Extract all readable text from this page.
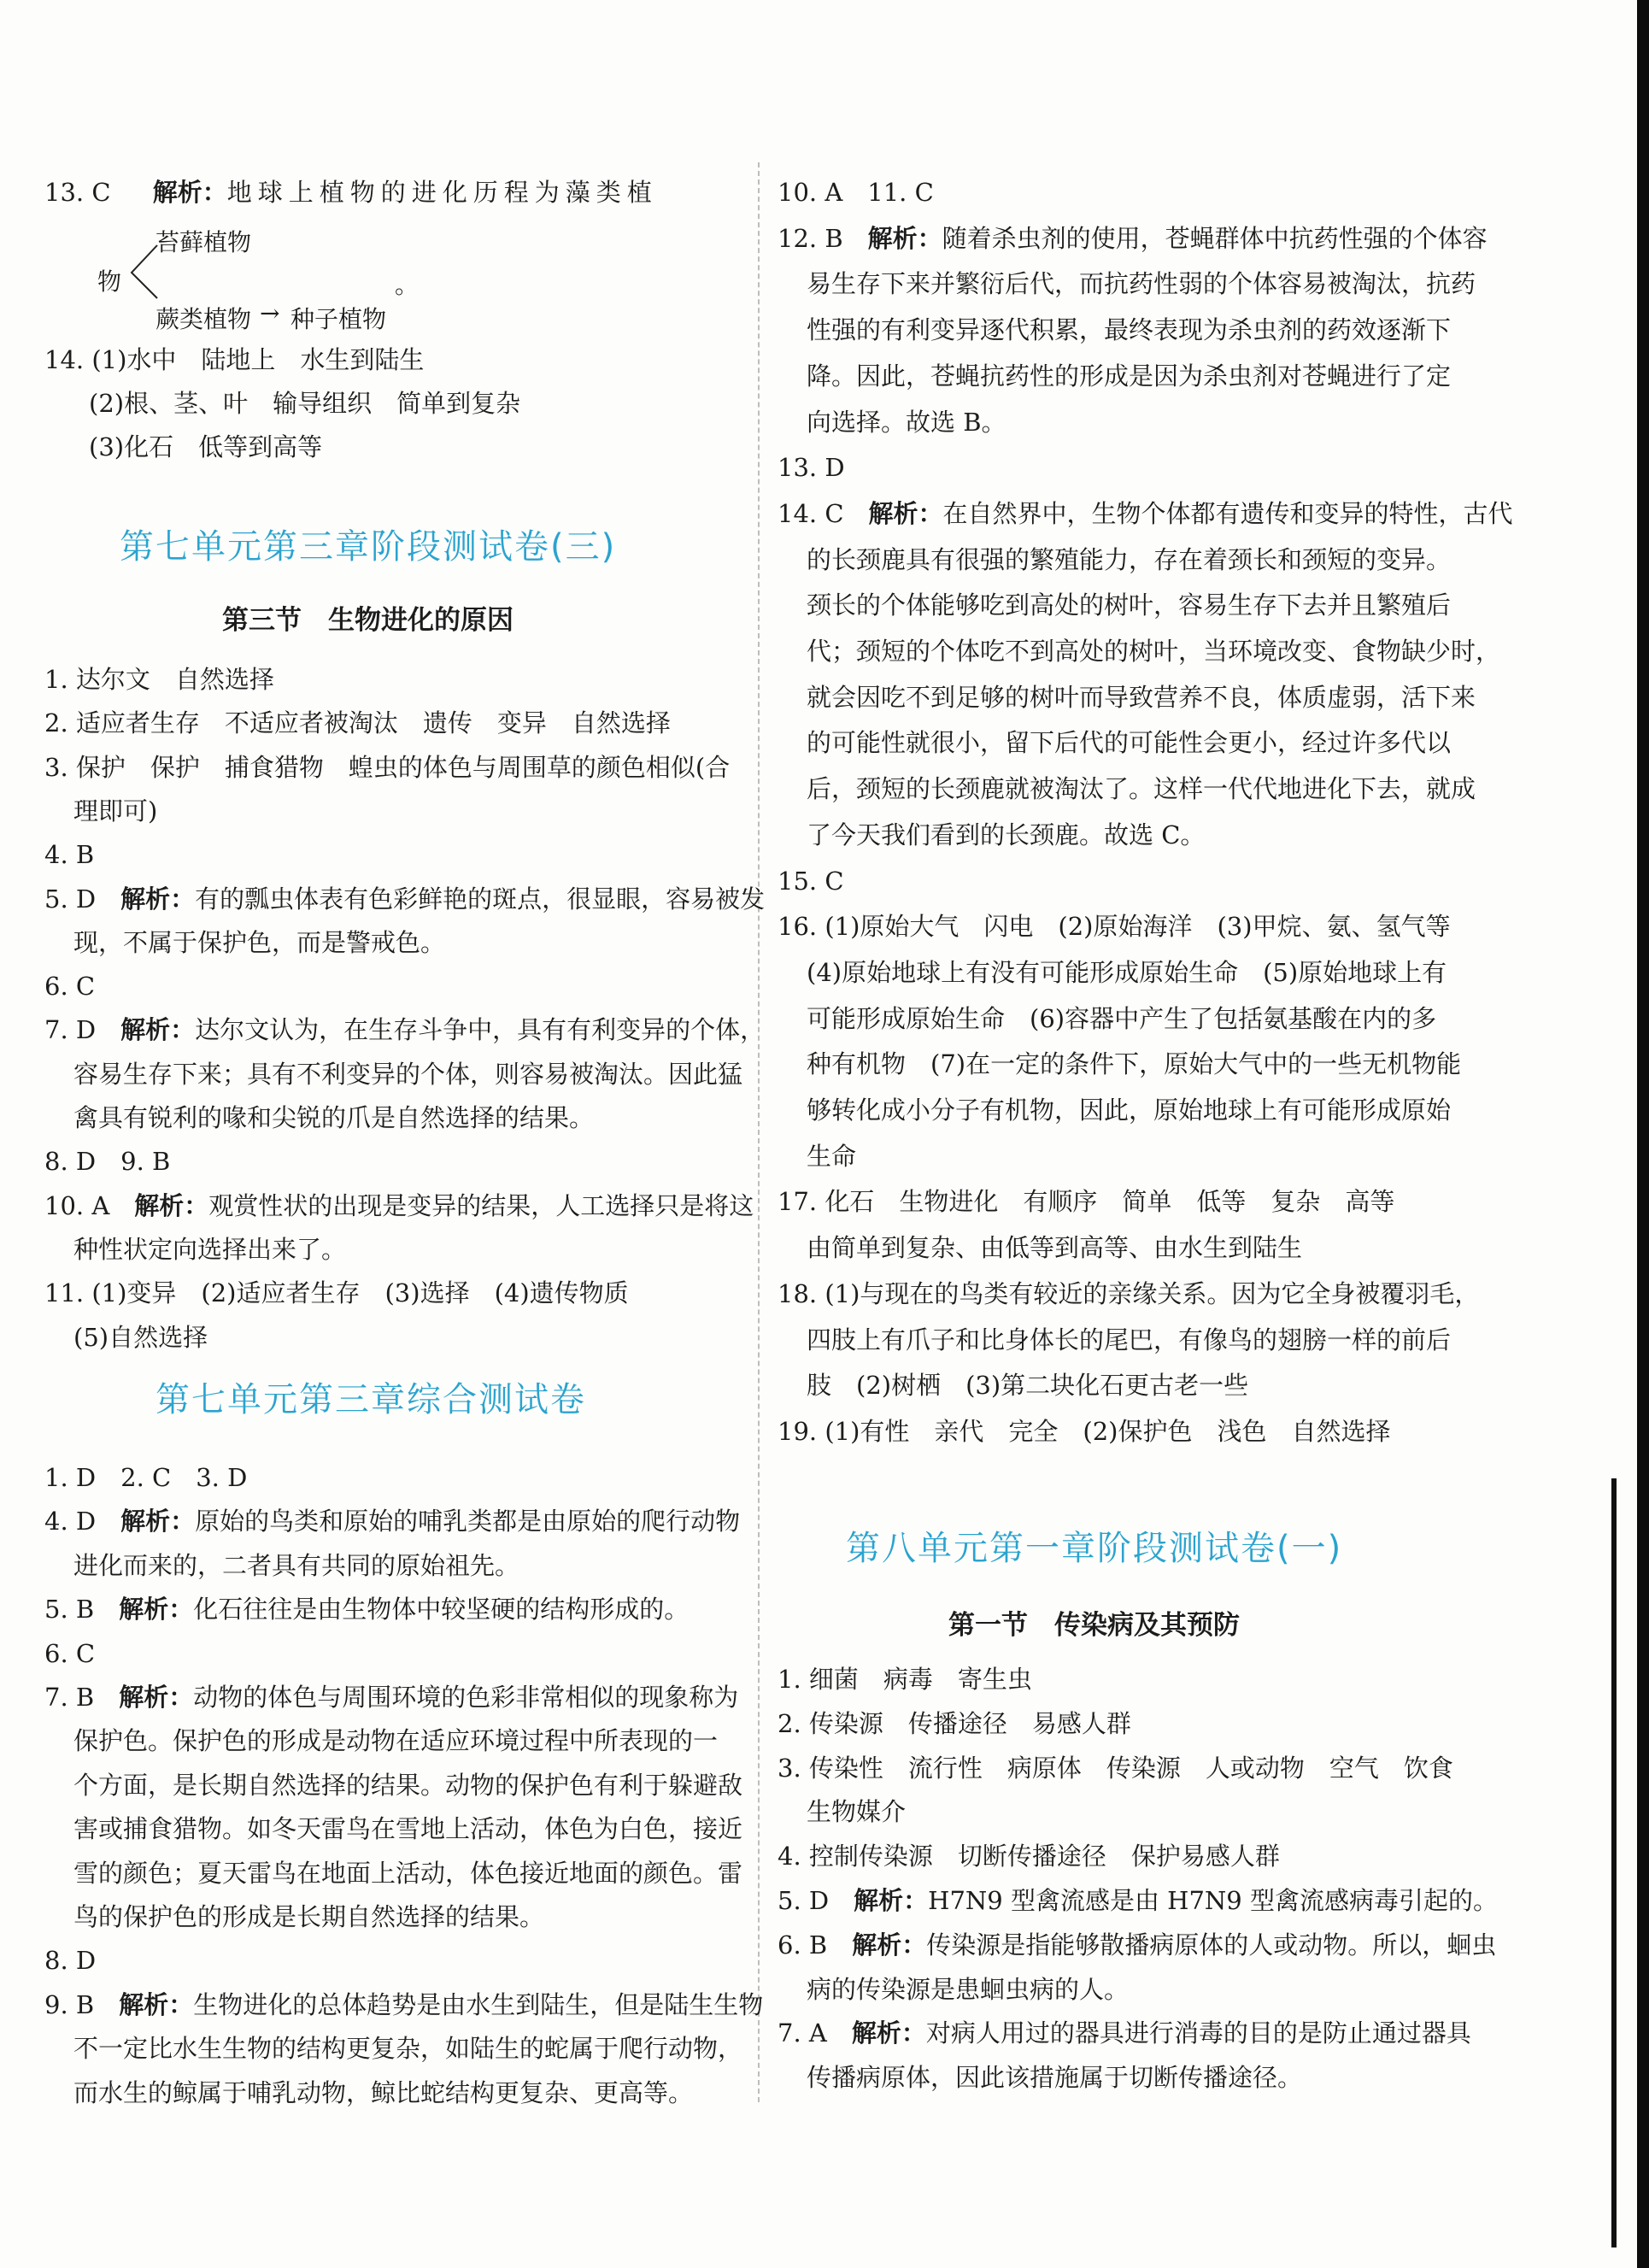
13. C 解析：地球上植物的进化历程为藻类植
苔藓植物
物
蕨类植物 → 种子植物
。
14. (1)水中　陆地上　水生到陆生
(2)根、茎、叶　输导组织　简单到复杂
(3)化石　低等到高等
第七单元第三章阶段测试卷(三)
第三节　生物进化的原因
1. 达尔文　自然选择
2. 适应者生存　不适应者被淘汰　遗传　变异　自然选择
3. 保护　保护　捕食猎物　蝗虫的体色与周围草的颜色相似(合
理即可)
4. B
5. D　解析：有的瓢虫体表有色彩鲜艳的斑点，很显眼，容易被发
现，不属于保护色，而是警戒色。
6. C
7. D　解析：达尔文认为，在生存斗争中，具有有利变异的个体，
容易生存下来；具有不利变异的个体，则容易被淘汰。因此猛
禽具有锐利的喙和尖锐的爪是自然选择的结果。
8. D　9. B
10. A　解析：观赏性状的出现是变异的结果，人工选择只是将这
种性状定向选择出来了。
11. (1)变异　(2)适应者生存　(3)选择　(4)遗传物质
(5)自然选择
第七单元第三章综合测试卷
1. D　2. C　3. D
4. D　解析：原始的鸟类和原始的哺乳类都是由原始的爬行动物
进化而来的，二者具有共同的原始祖先。
5. B　解析：化石往往是由生物体中较坚硬的结构形成的。
6. C
7. B　解析：动物的体色与周围环境的色彩非常相似的现象称为
保护色。保护色的形成是动物在适应环境过程中所表现的一
个方面，是长期自然选择的结果。动物的保护色有利于躲避敌
害或捕食猎物。如冬天雷鸟在雪地上活动，体色为白色，接近
雪的颜色；夏天雷鸟在地面上活动，体色接近地面的颜色。雷
鸟的保护色的形成是长期自然选择的结果。
8. D
9. B　解析：生物进化的总体趋势是由水生到陆生，但是陆生生物
不一定比水生生物的结构更复杂，如陆生的蛇属于爬行动物，
而水生的鲸属于哺乳动物，鲸比蛇结构更复杂、更高等。
10. A　11. C
12. B　解析：随着杀虫剂的使用，苍蝇群体中抗药性强的个体容
易生存下来并繁衍后代，而抗药性弱的个体容易被淘汰，抗药
性强的有利变异逐代积累，最终表现为杀虫剂的药效逐渐下
降。因此，苍蝇抗药性的形成是因为杀虫剂对苍蝇进行了定
向选择。故选 B。
13. D
14. C　解析：在自然界中，生物个体都有遗传和变异的特性，古代
的长颈鹿具有很强的繁殖能力，存在着颈长和颈短的变异。
颈长的个体能够吃到高处的树叶，容易生存下去并且繁殖后
代；颈短的个体吃不到高处的树叶，当环境改变、食物缺少时，
就会因吃不到足够的树叶而导致营养不良，体质虚弱，活下来
的可能性就很小，留下后代的可能性会更小，经过许多代以
后，颈短的长颈鹿就被淘汰了。这样一代代地进化下去，就成
了今天我们看到的长颈鹿。故选 C。
15. C
16. (1)原始大气　闪电　(2)原始海洋　(3)甲烷、氨、氢气等
(4)原始地球上有没有可能形成原始生命　(5)原始地球上有
可能形成原始生命　(6)容器中产生了包括氨基酸在内的多
种有机物　(7)在一定的条件下，原始大气中的一些无机物能
够转化成小分子有机物，因此，原始地球上有可能形成原始
生命
17. 化石　生物进化　有顺序　简单　低等　复杂　高等
由简单到复杂、由低等到高等、由水生到陆生
18. (1)与现在的鸟类有较近的亲缘关系。因为它全身被覆羽毛，
四肢上有爪子和比身体长的尾巴，有像鸟的翅膀一样的前后
肢　(2)树栖　(3)第二块化石更古老一些
19. (1)有性　亲代　完全　(2)保护色　浅色　自然选择
第八单元第一章阶段测试卷(一)
第一节　传染病及其预防
1. 细菌　病毒　寄生虫
2. 传染源　传播途径　易感人群
3. 传染性　流行性　病原体　传染源　人或动物　空气　饮食
生物媒介
4. 控制传染源　切断传播途径　保护易感人群
5. D　解析：H7N9 型禽流感是由 H7N9 型禽流感病毒引起的。
6. B　解析：传染源是指能够散播病原体的人或动物。所以，蛔虫
病的传染源是患蛔虫病的人。
7. A　解析：对病人用过的器具进行消毒的目的是防止通过器具
传播病原体，因此该措施属于切断传播途径。
